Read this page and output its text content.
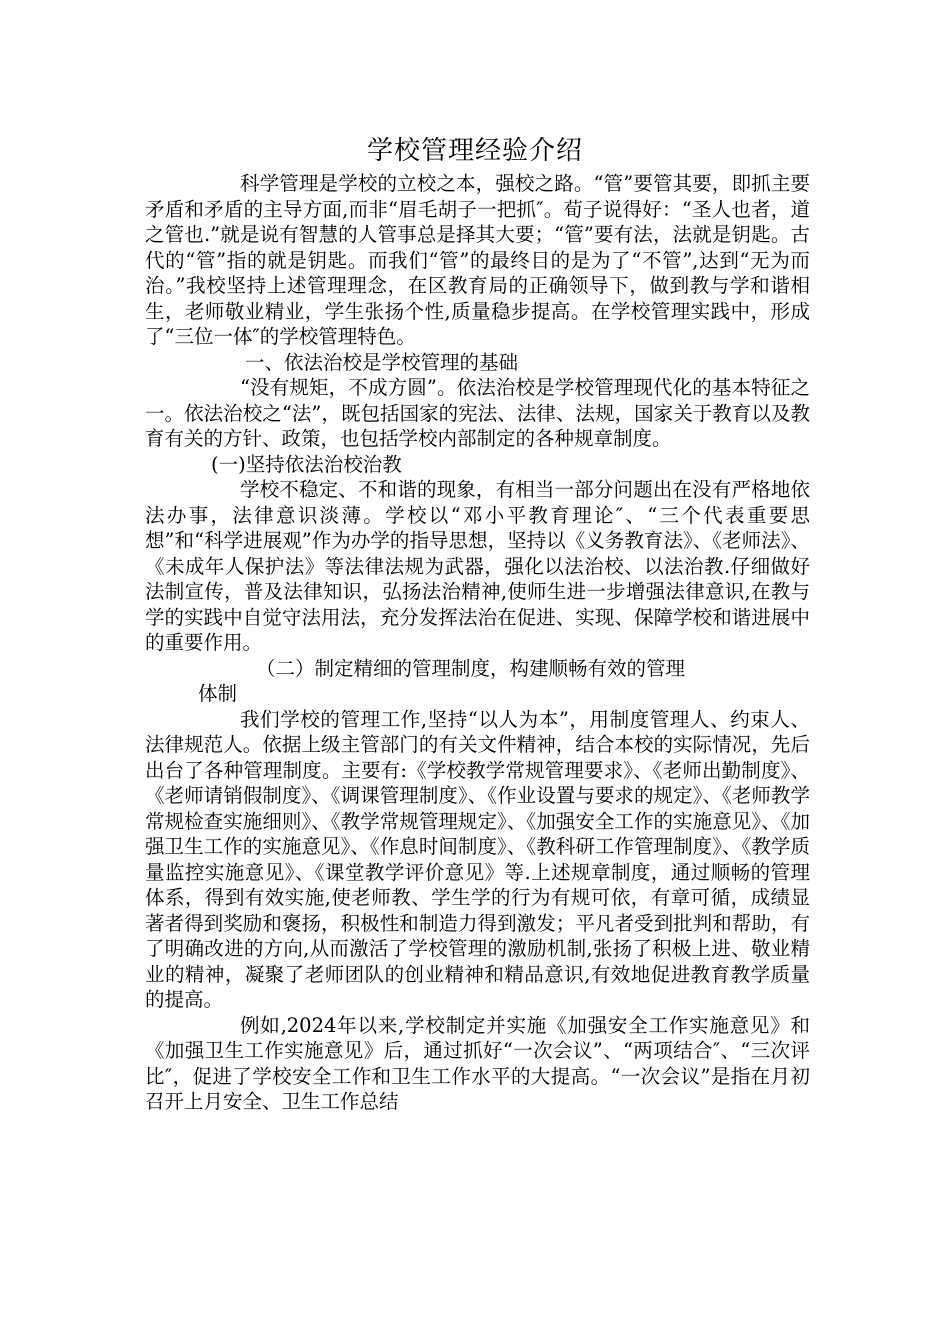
学校管理经验介绍

科学管理是学校的立校之本，强校之路。“管”要管其要，即抓主要矛盾和矛盾的主导方面,而非“眉毛胡子一把抓″。荀子说得好：“圣人也者，道之管也.”就是说有智慧的人管事总是择其大要；“管”要有法，法就是钥匙。古代的“管”指的就是钥匙。而我们“管”的最终目的是为了“不管”,达到“无为而治。”我校坚持上述管理理念，在区教育局的正确领导下，做到教与学和谐相生，老师敬业精业，学生张扬个性,质量稳步提高。在学校管理实践中，形成了“三位一体″的学校管理特色。

一、依法治校是学校管理的基础

“没有规矩，不成方圆”。依法治校是学校管理现代化的基本特征之一。依法治校之“法”，既包括国家的宪法、法律、法规，国家关于教育以及教育有关的方针、政策，也包括学校内部制定的各种规章制度。

(一)坚持依法治校治教

学校不稳定、不和谐的现象，有相当一部分问题出在没有严格地依法办事，法律意识淡薄。学校以“邓小平教育理论″、“三个代表重要思想”和“科学进展观”作为办学的指导思想，坚持以《义务教育法》、《老师法》、《未成年人保护法》等法律法规为武器，强化以法治校、以法治教.仔细做好法制宣传，普及法律知识，弘扬法治精神,使师生进一步增强法律意识,在教与学的实践中自觉守法用法，充分发挥法治在促进、实现、保障学校和谐进展中的重要作用。

（二）制定精细的管理制度，构建顺畅有效的管理

体制

我们学校的管理工作,坚持“以人为本”，用制度管理人、约束人、法律规范人。依据上级主管部门的有关文件精神，结合本校的实际情况，先后出台了各种管理制度。主要有:《学校教学常规管理要求》、《老师出勤制度》、《老师请销假制度》、《调课管理制度》、《作业设置与要求的规定》、《老师教学常规检查实施细则》、《教学常规管理规定》、《加强安全工作的实施意见》、《加强卫生工作的实施意见》、《作息时间制度》、《教科研工作管理制度》、《教学质量监控实施意见》、《课堂教学评价意见》等.上述规章制度，通过顺畅的管理体系，得到有效实施,使老师教、学生学的行为有规可依，有章可循，成绩显著者得到奖励和褒扬，积极性和制造力得到激发；平凡者受到批判和帮助，有了明确改进的方向,从而激活了学校管理的激励机制,张扬了积极上进、敬业精业的精神，凝聚了老师团队的创业精神和精品意识,有效地促进教育教学质量的提高。

例如,2024年以来,学校制定并实施《加强安全工作实施意见》和《加强卫生工作实施意见》后，通过抓好“一次会议”、“两项结合″、“三次评比″，促进了学校安全工作和卫生工作水平的大提高。“一次会议”是指在月初召开上月安全、卫生工作总结
